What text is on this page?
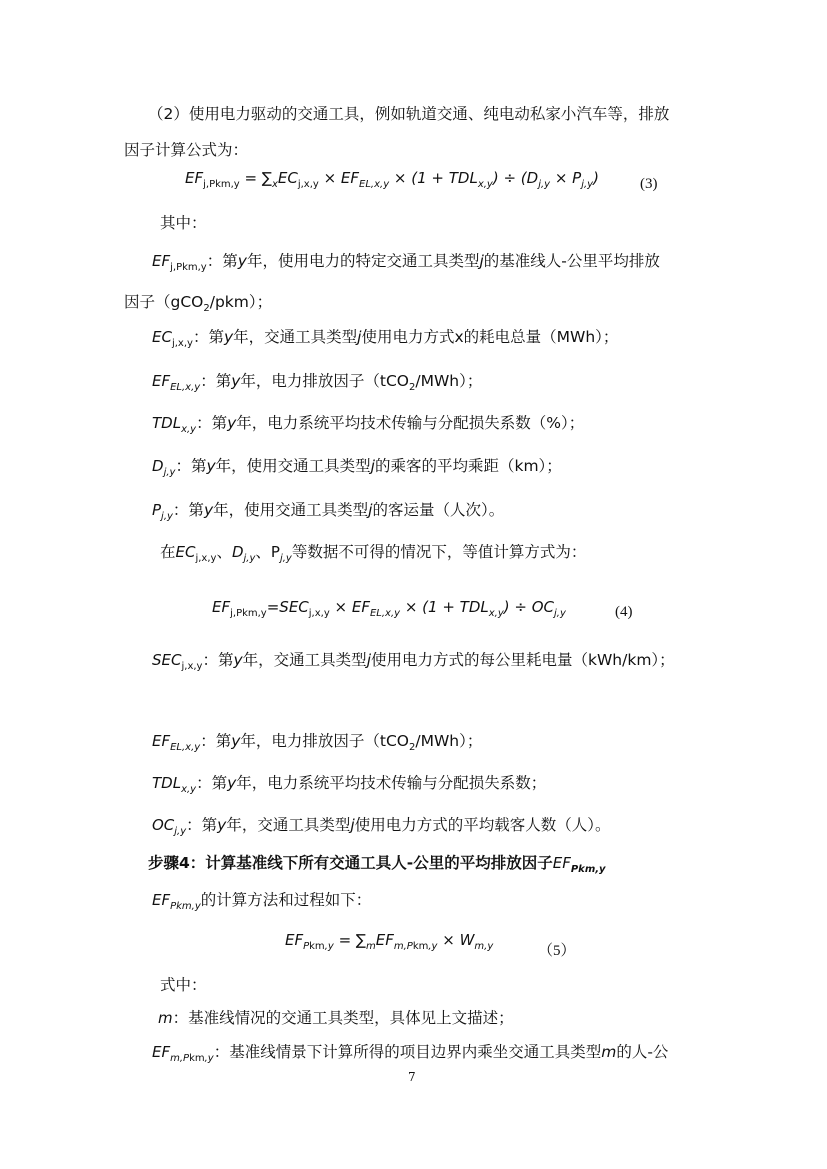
（2）使用电力驱动的交通工具，例如轨道交通、纯电动私家小汽车等，排放
因子计算公式为：
$EF_{j,Pkm,y} = \sum_xEC_{j,x,y} \times EF_{EL,x,y} \times (1 + TDL_{x,y}) \div (D_{j,y} \times P_{j,y})$	(3)
其中：
$EF_{j,Pkm,y}$：第y年，使用电力的特定交通工具类型j的基准线人-公里平均排放
因子（gCO$_2$/pkm）；
$EC_{j,x,y}$：第y年，交通工具类型j使用电力方式x的耗电总量（MWh）；
$EF_{EL,x,y}$：第y年，电力排放因子（tCO$_2$/MWh）；
$TDL_{x,y}$：第y年，电力系统平均技术传输与分配损失系数（%）；
$D_{j,y}$：第y年，使用交通工具类型j的乘客的平均乘距（km）；
$P_{j,y}$：第y年，使用交通工具类型j的客运量（人次）。
在$EC_{j,x,y}$、$D_{j,y}$、$P_{j,y}$等数据不可得的情况下，等值计算方式为：
$EF_{j,Pkm,y}=SEC_{j,x,y} \times EF_{EL,x,y} \times (1 + TDL_{x,y}) \div OC_{j,y}$	(4)
$SEC_{j,x,y}$：第y年，交通工具类型j使用电力方式的每公里耗电量（kWh/km）；
$EF_{EL,x,y}$：第y年，电力排放因子（tCO$_2$/MWh）；
$TDL_{x,y}$：第y年，电力系统平均技术传输与分配损失系数；
$OC_{j,y}$：第y年，交通工具类型j使用电力方式的平均载客人数（人）。
步骤4：计算基准线下所有交通工具人-公里的平均排放因子$EF_{Pkm,y}$
$EF_{Pkm,y}$的计算方法和过程如下：
$EF_{Pkm,y} = \sum_mEF_{m,Pkm,y} \times W_{m,y}$	（5）
式中：
m：基准线情况的交通工具类型，具体见上文描述；
$EF_{m,Pkm,y}$：基准线情景下计算所得的项目边界内乘坐交通工具类型m的人-公
7
